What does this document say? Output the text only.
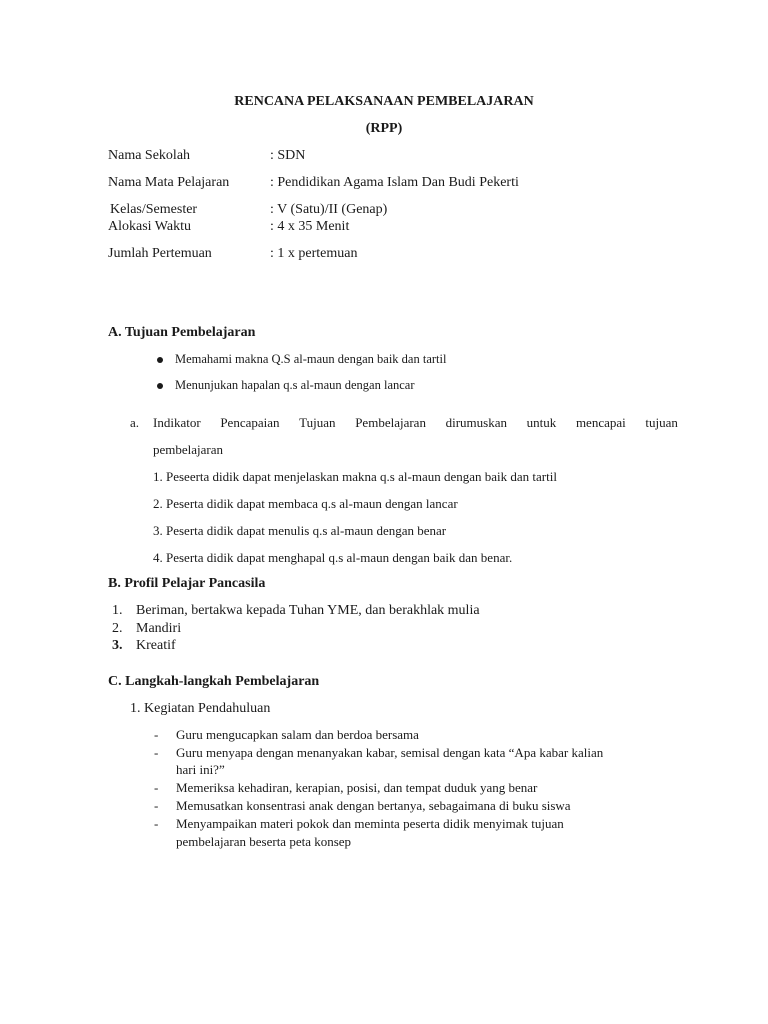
RENCANA PELAKSANAAN PEMBELAJARAN
(RPP)
Nama Sekolah	: SDN
Nama Mata Pelajaran	: Pendidikan Agama Islam Dan Budi Pekerti
Kelas/Semester	: V (Satu)/II (Genap)
Alokasi Waktu	: 4 x 35 Menit
Jumlah Pertemuan	: 1 x pertemuan
A. Tujuan Pembelajaran
Memahami makna Q.S al-maun dengan baik dan tartil
Menunjukan hapalan q.s al-maun dengan lancar
a. Indikator Pencapaian Tujuan Pembelajaran dirumuskan untuk mencapai tujuan
pembelajaran
1. Peseerta didik dapat menjelaskan makna q.s al-maun dengan baik dan tartil
2. Peserta didik dapat membaca q.s al-maun dengan lancar
3. Peserta didik dapat menulis q.s al-maun dengan benar
4. Peserta didik dapat menghapal q.s al-maun dengan baik dan benar.
B. Profil Pelajar Pancasila
1. Beriman, bertakwa kepada Tuhan YME, dan berakhlak mulia
2. Mandiri
3. Kreatif
C. Langkah-langkah Pembelajaran
1. Kegiatan Pendahuluan
- Guru mengucapkan salam dan berdoa bersama
- Guru menyapa dengan menanyakan kabar, semisal dengan kata “Apa kabar kalian
hari ini?”
- Memeriksa kehadiran, kerapian, posisi, dan tempat duduk yang benar
- Memusatkan konsentrasi anak dengan bertanya, sebagaimana di buku siswa
- Menyampaikan materi pokok dan meminta peserta didik menyimak tujuan
pembelajaran beserta peta konsep
